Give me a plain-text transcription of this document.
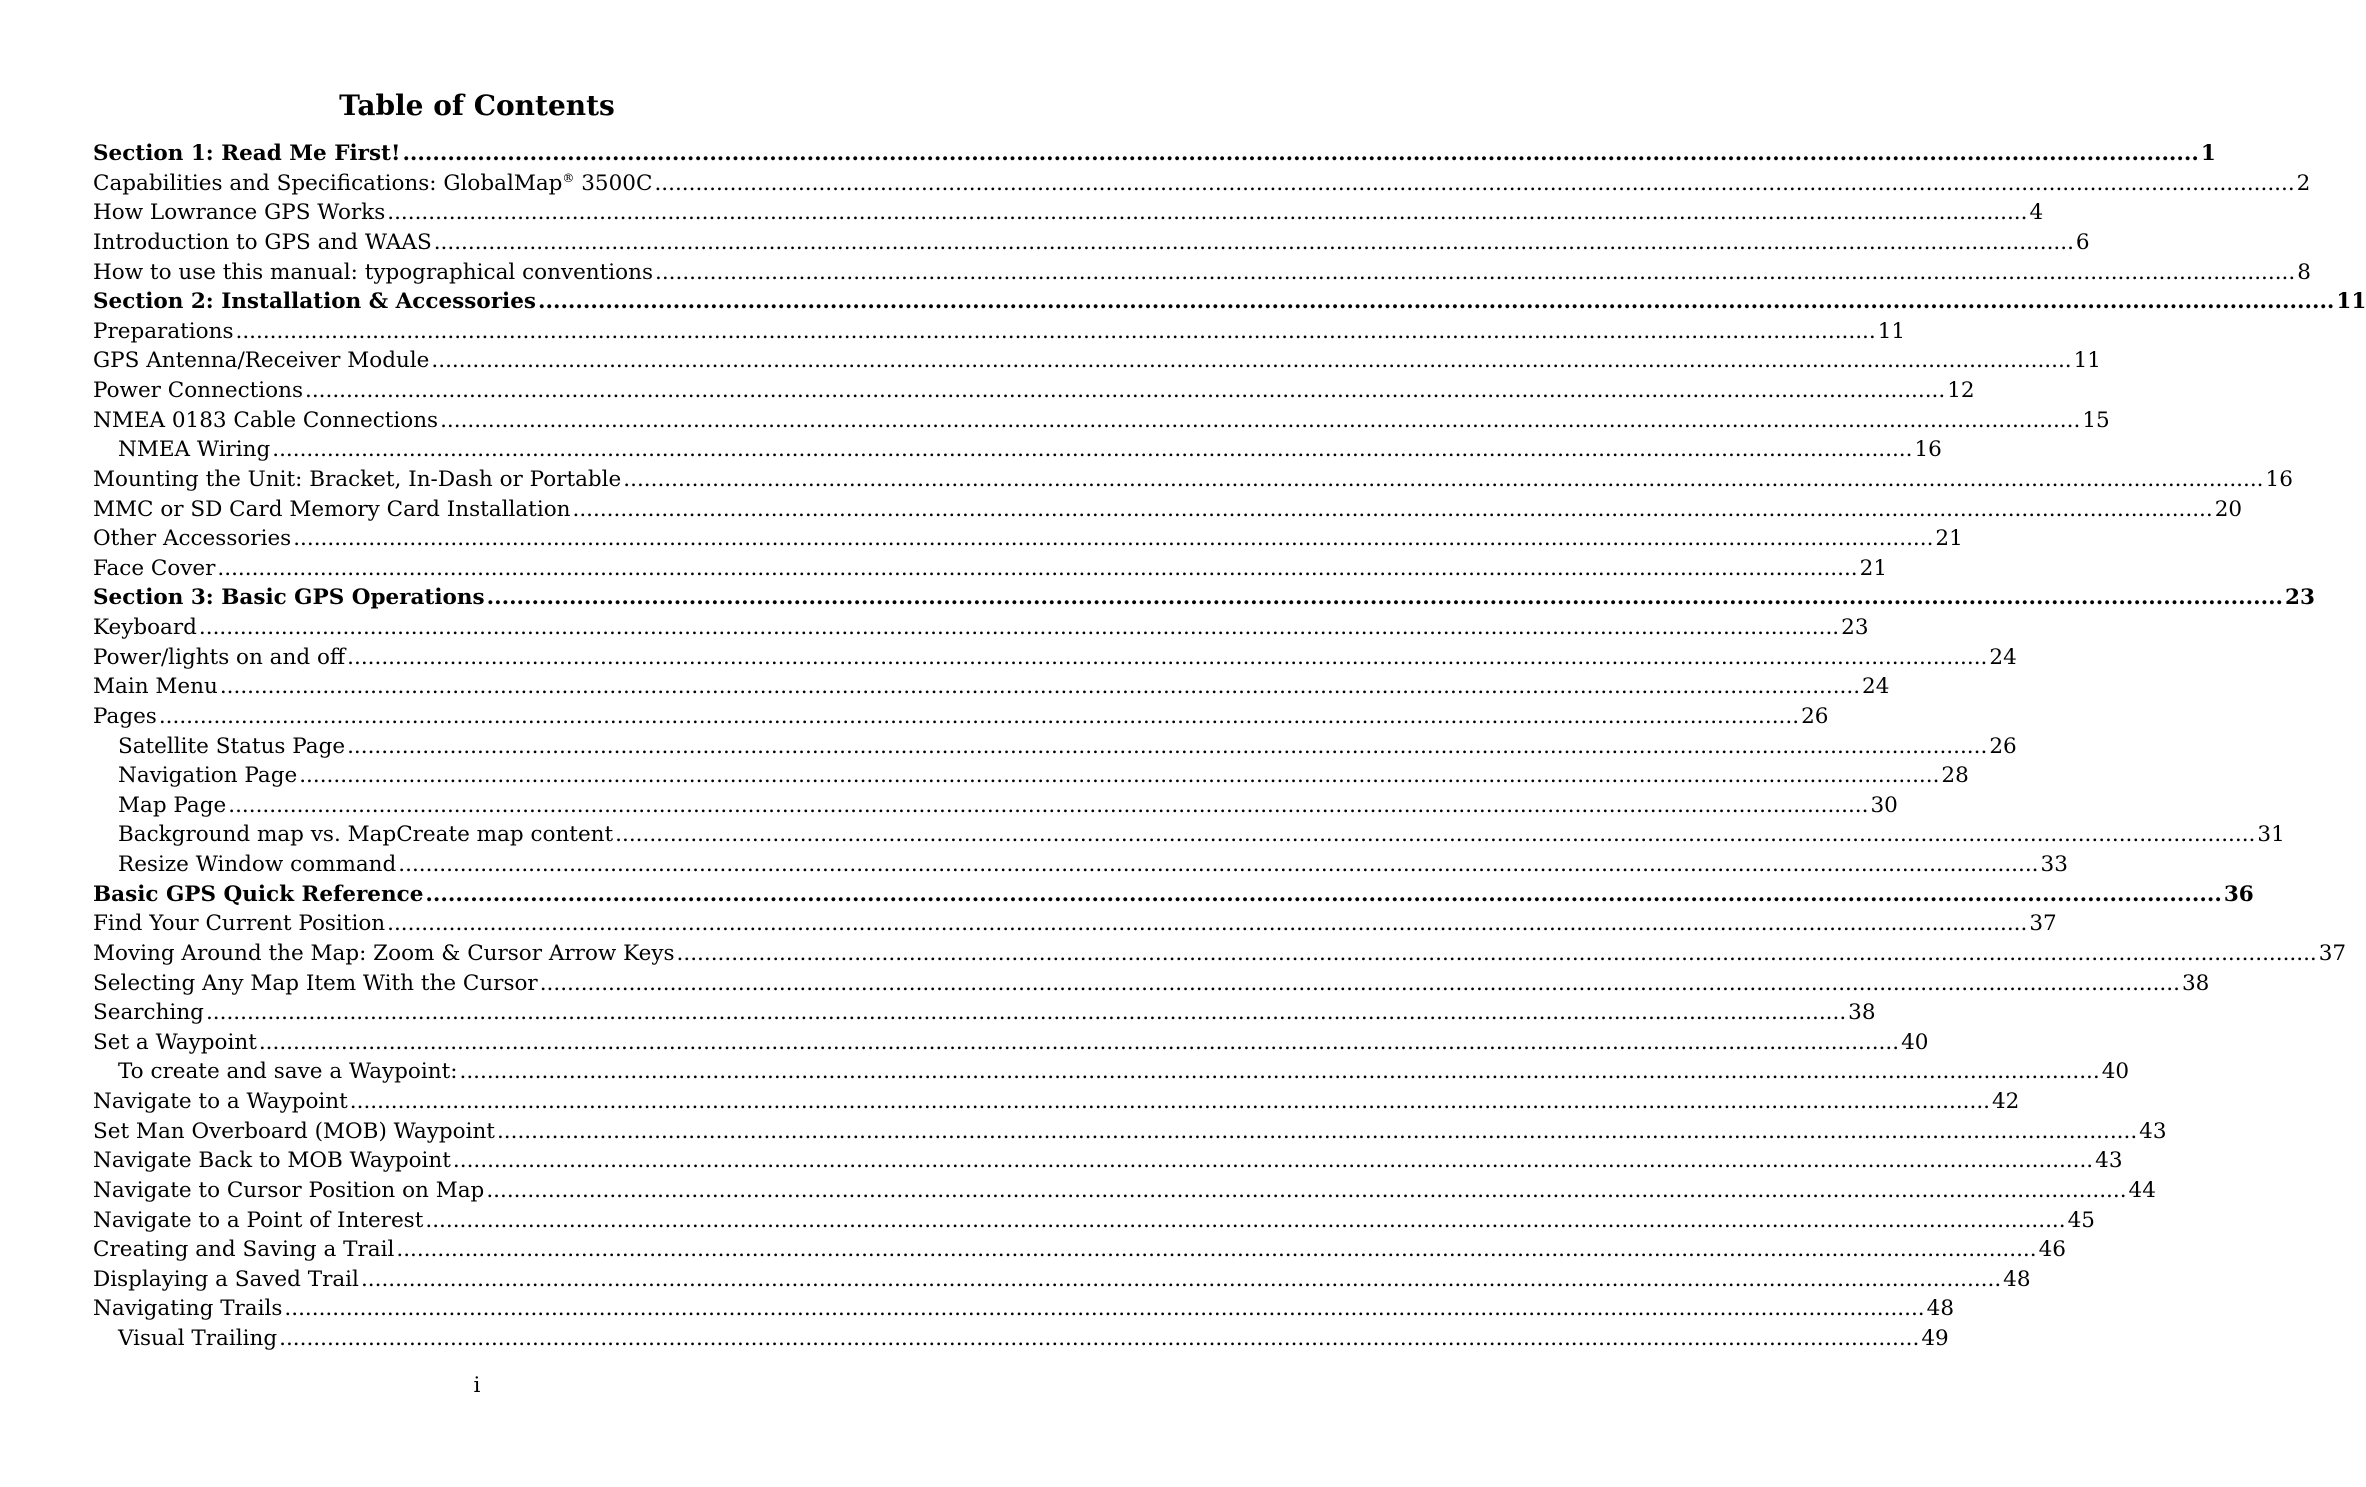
Table of Contents
Section 1: Read Me First! ................................................................................................................................................................................................................................................ 1
Capabilities and Specifications: GlobalMap® 3500C ................................................................................................................................................................................................................................................ 2
How Lowrance GPS Works ................................................................................................................................................................................................................................................ 4
Introduction to GPS and WAAS ................................................................................................................................................................................................................................................ 6
How to use this manual: typographical conventions ................................................................................................................................................................................................................................................ 8
Section 2: Installation & Accessories ................................................................................................................................................................................................................................................ 11
Preparations ................................................................................................................................................................................................................................................ 11
GPS Antenna/Receiver Module ................................................................................................................................................................................................................................................ 11
Power Connections ................................................................................................................................................................................................................................................ 12
NMEA 0183 Cable Connections ................................................................................................................................................................................................................................................ 15
NMEA Wiring ................................................................................................................................................................................................................................................ 16
Mounting the Unit: Bracket, In-Dash or Portable ................................................................................................................................................................................................................................................ 16
MMC or SD Card Memory Card Installation ................................................................................................................................................................................................................................................ 20
Other Accessories ................................................................................................................................................................................................................................................ 21
Face Cover ................................................................................................................................................................................................................................................ 21
Section 3: Basic GPS Operations ................................................................................................................................................................................................................................................ 23
Keyboard ................................................................................................................................................................................................................................................ 23
Power/lights on and off ................................................................................................................................................................................................................................................ 24
Main Menu ................................................................................................................................................................................................................................................ 24
Pages ................................................................................................................................................................................................................................................ 26
Satellite Status Page ................................................................................................................................................................................................................................................ 26
Navigation Page ................................................................................................................................................................................................................................................ 28
Map Page ................................................................................................................................................................................................................................................ 30
Background map vs. MapCreate map content ................................................................................................................................................................................................................................................ 31
Resize Window command ................................................................................................................................................................................................................................................ 33
Basic GPS Quick Reference ................................................................................................................................................................................................................................................ 36
Find Your Current Position ................................................................................................................................................................................................................................................ 37
Moving Around the Map: Zoom & Cursor Arrow Keys ................................................................................................................................................................................................................................................ 37
Selecting Any Map Item With the Cursor ................................................................................................................................................................................................................................................ 38
Searching ................................................................................................................................................................................................................................................ 38
Set a Waypoint ................................................................................................................................................................................................................................................ 40
To create and save a Waypoint: ................................................................................................................................................................................................................................................ 40
Navigate to a Waypoint ................................................................................................................................................................................................................................................ 42
Set Man Overboard (MOB) Waypoint ................................................................................................................................................................................................................................................ 43
Navigate Back to MOB Waypoint ................................................................................................................................................................................................................................................ 43
Navigate to Cursor Position on Map ................................................................................................................................................................................................................................................ 44
Navigate to a Point of Interest ................................................................................................................................................................................................................................................ 45
Creating and Saving a Trail ................................................................................................................................................................................................................................................ 46
Displaying a Saved Trail ................................................................................................................................................................................................................................................ 48
Navigating Trails ................................................................................................................................................................................................................................................ 48
Visual Trailing ................................................................................................................................................................................................................................................ 49
i
